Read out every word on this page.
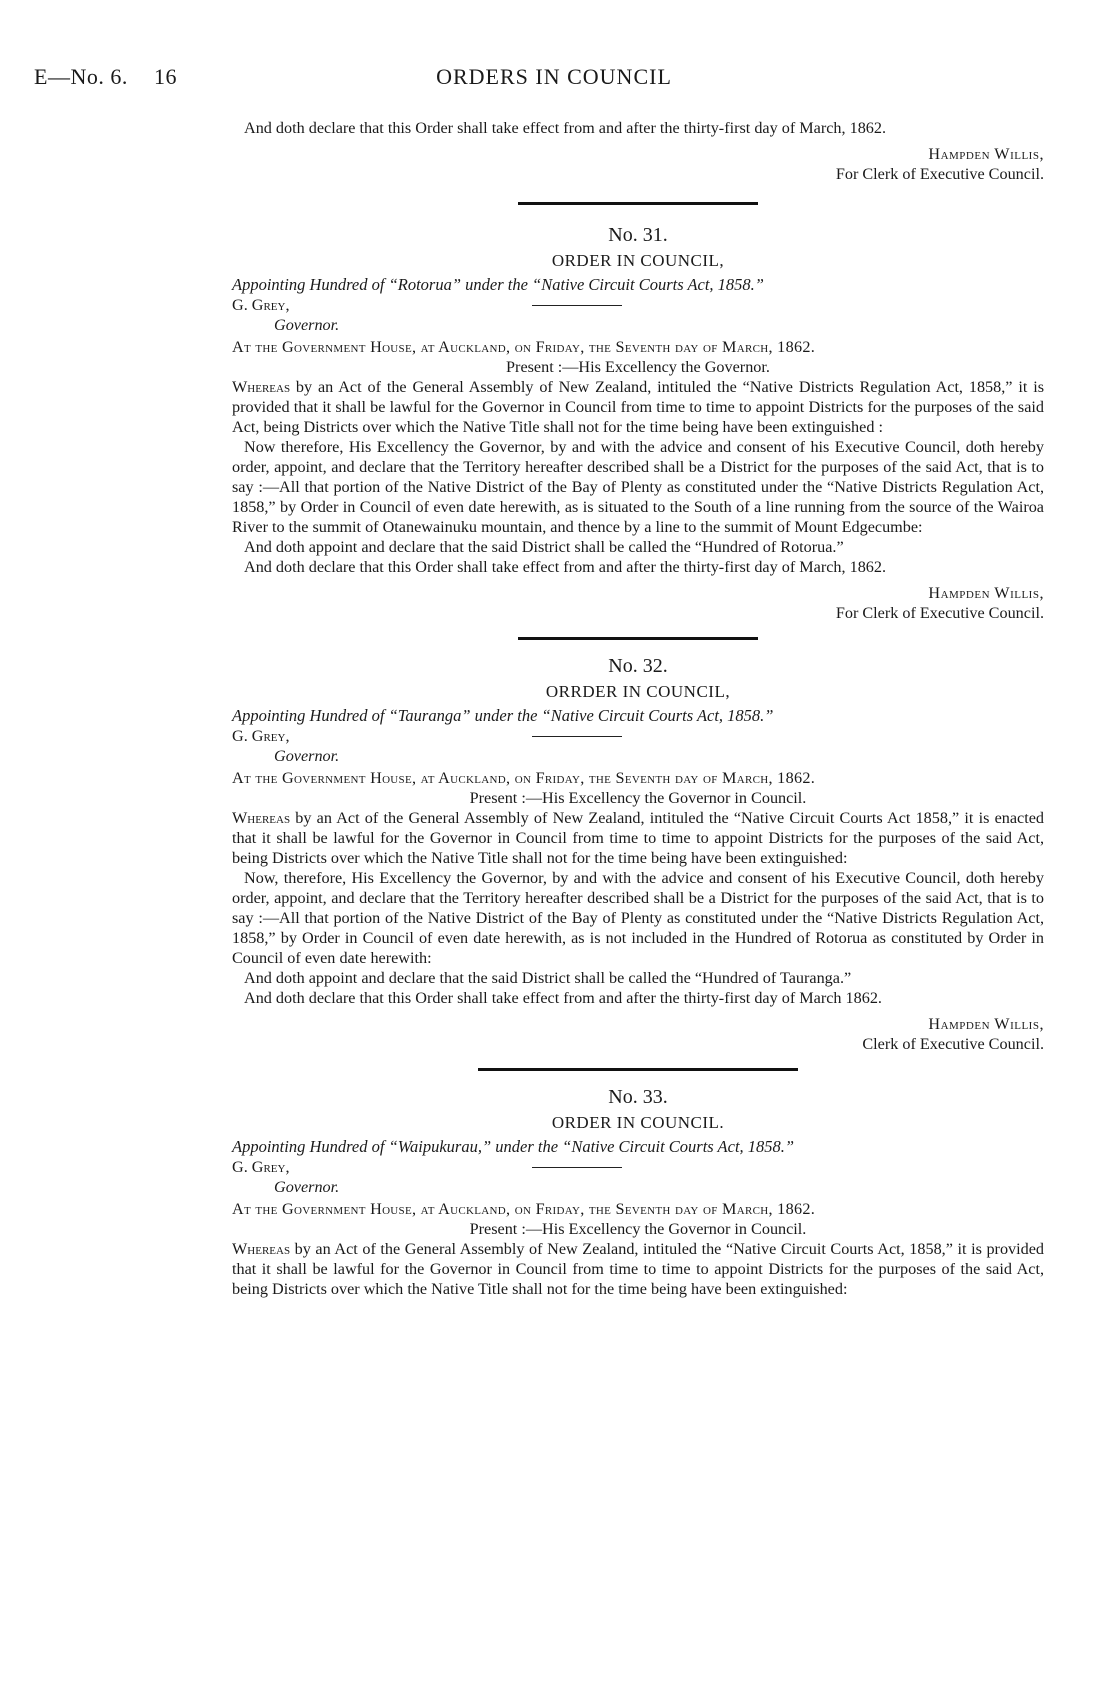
E—No. 6. 16	ORDERS IN COUNCIL

And doth declare that this Order shall take effect from and after the thirty-first day of March, 1862.

Hampden Willis,
For Clerk of Executive Council.
No. 31.
ORDER IN COUNCIL,
Appointing Hundred of “Rotorua” under the “Native Circuit Courts Act, 1858.”
G. Grey,
Governor.
At the Government House, at Auckland, on Friday, the Seventh day of March, 1862.
Present :—His Excellency the Governor.

Whereas by an Act of the General Assembly of New Zealand, intituled the “Native Districts Regulation Act, 1858,” it is provided that it shall be lawful for the Governor in Council from time to time to appoint Districts for the purposes of the said Act, being Districts over which the Native Title shall not for the time being have been extinguished :

Now therefore, His Excellency the Governor, by and with the advice and consent of his Executive Council, doth hereby order, appoint, and declare that the Territory hereafter described shall be a District for the purposes of the said Act, that is to say :—All that portion of the Native District of the Bay of Plenty as constituted under the “Native Districts Regulation Act, 1858,” by Order in Council of even date herewith, as is situated to the South of a line running from the source of the Wairoa River to the summit of Otanewainuku mountain, and thence by a line to the summit of Mount Edgecumbe:

And doth appoint and declare that the said District shall be called the “Hundred of Rotorua.”

And doth declare that this Order shall take effect from and after the thirty-first day of March, 1862.

Hampden Willis,
For Clerk of Executive Council.
No. 32.
ORRDER IN COUNCIL,
Appointing Hundred of “Tauranga” under the “Native Circuit Courts Act, 1858.”
G. Grey,
Governor.
At the Government House, at Auckland, on Friday, the Seventh day of March, 1862.
Present :—His Excellency the Governor in Council.

Whereas by an Act of the General Assembly of New Zealand, intituled the “Native Circuit Courts Act 1858,” it is enacted that it shall be lawful for the Governor in Council from time to time to appoint Districts for the purposes of the said Act, being Districts over which the Native Title shall not for the time being have been extinguished:

Now, therefore, His Excellency the Governor, by and with the advice and consent of his Executive Council, doth hereby order, appoint, and declare that the Territory hereafter described shall be a District for the purposes of the said Act, that is to say :—All that portion of the Native District of the Bay of Plenty as constituted under the “Native Districts Regulation Act, 1858,” by Order in Council of even date herewith, as is not included in the Hundred of Rotorua as constituted by Order in Council of even date herewith:

And doth appoint and declare that the said District shall be called the “Hundred of Tauranga.”

And doth declare that this Order shall take effect from and after the thirty-first day of March 1862.

Hampden Willis,
Clerk of Executive Council.
No. 33.
ORDER IN COUNCIL.
Appointing Hundred of “Waipukurau,” under the “Native Circuit Courts Act, 1858.”
G. Grey,
Governor.
At the Government House, at Auckland, on Friday, the Seventh day of March, 1862.
Present :—His Excellency the Governor in Council.

Whereas by an Act of the General Assembly of New Zealand, intituled the “Native Circuit Courts Act, 1858,” it is provided that it shall be lawful for the Governor in Council from time to time to appoint Districts for the purposes of the said Act, being Districts over which the Native Title shall not for the time being have been extinguished:
